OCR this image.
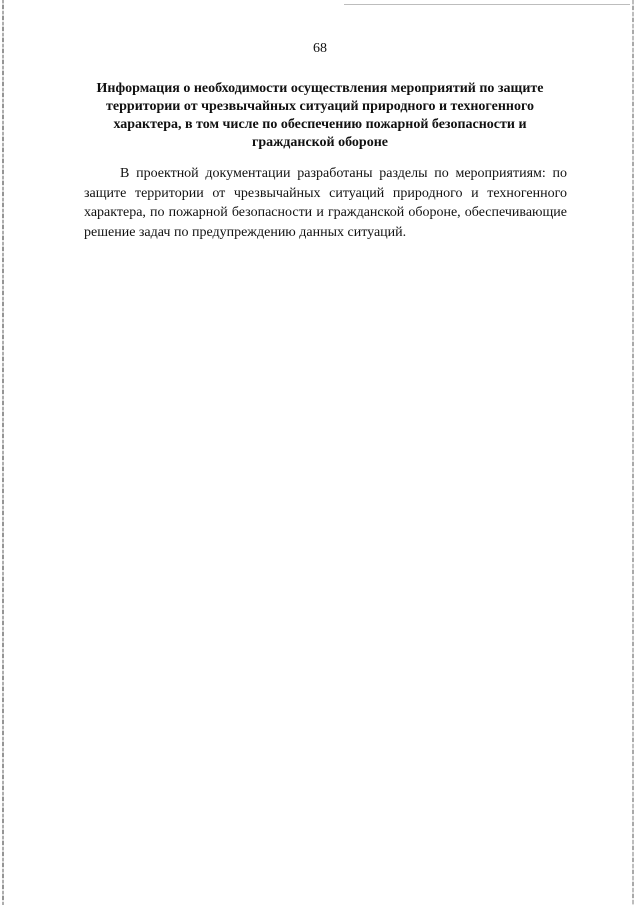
68
Информация о необходимости осуществления мероприятий по защите
территории от чрезвычайных ситуаций природного и техногенного
характера, в том числе по обеспечению пожарной безопасности и
гражданской обороне

В проектной документации разработаны разделы по мероприятиям: по защите территории от чрезвычайных ситуаций природного и техногенного характера, по пожарной безопасности и гражданской обороне, обеспечивающие решение задач по предупреждению данных ситуаций.
